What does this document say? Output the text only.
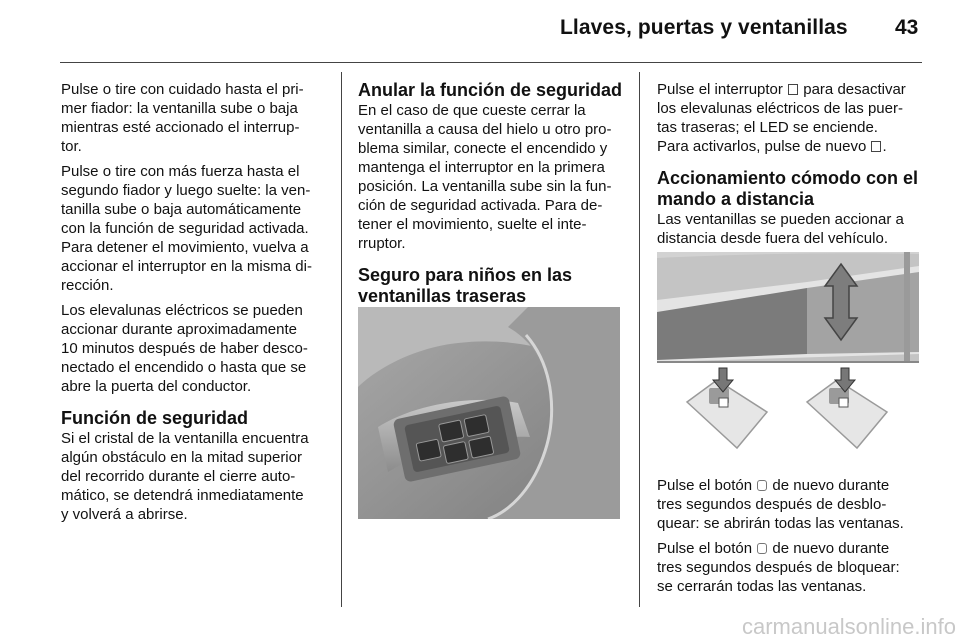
Llaves, puertas y ventanillas 43

Pulse o tire con cuidado hasta el pri-
mer fiador: la ventanilla sube o baja
mientras esté accionado el interrup-
tor.

Pulse o tire con más fuerza hasta el
segundo fiador y luego suelte: la ven-
tanilla sube o baja automáticamente
con la función de seguridad activada.
Para detener el movimiento, vuelva a
accionar el interruptor en la misma di-
rección.

Los elevalunas eléctricos se pueden
accionar durante aproximadamente
10 minutos después de haber desco-
nectado el encendido o hasta que se
abre la puerta del conductor.

Función de seguridad

Si el cristal de la ventanilla encuentra
algún obstáculo en la mitad superior
del recorrido durante el cierre auto-
mático, se detendrá inmediatamente
y volverá a abrirse.

Anular la función de seguridad

En el caso de que cueste cerrar la
ventanilla a causa del hielo u otro pro-
blema similar, conecte el encendido y
mantenga el interruptor en la primera
posición. La ventanilla sube sin la fun-
ción de seguridad activada. Para de-
tener el movimiento, suelte el inte-
rruptor.

Seguro para niños en las
ventanillas traseras

Pulse el interruptor para desactivar
los elevalunas eléctricos de las puer-
tas traseras; el LED se enciende.
Para activarlos, pulse de nuevo .

Accionamiento cómodo con el
mando a distancia

Las ventanillas se pueden accionar a
distancia desde fuera del vehículo.

Pulse el botón de nuevo durante
tres segundos después de desblo-
quear: se abrirán todas las ventanas.

Pulse el botón de nuevo durante
tres segundos después de bloquear:
se cerrarán todas las ventanas.

carmanualsonline.info
